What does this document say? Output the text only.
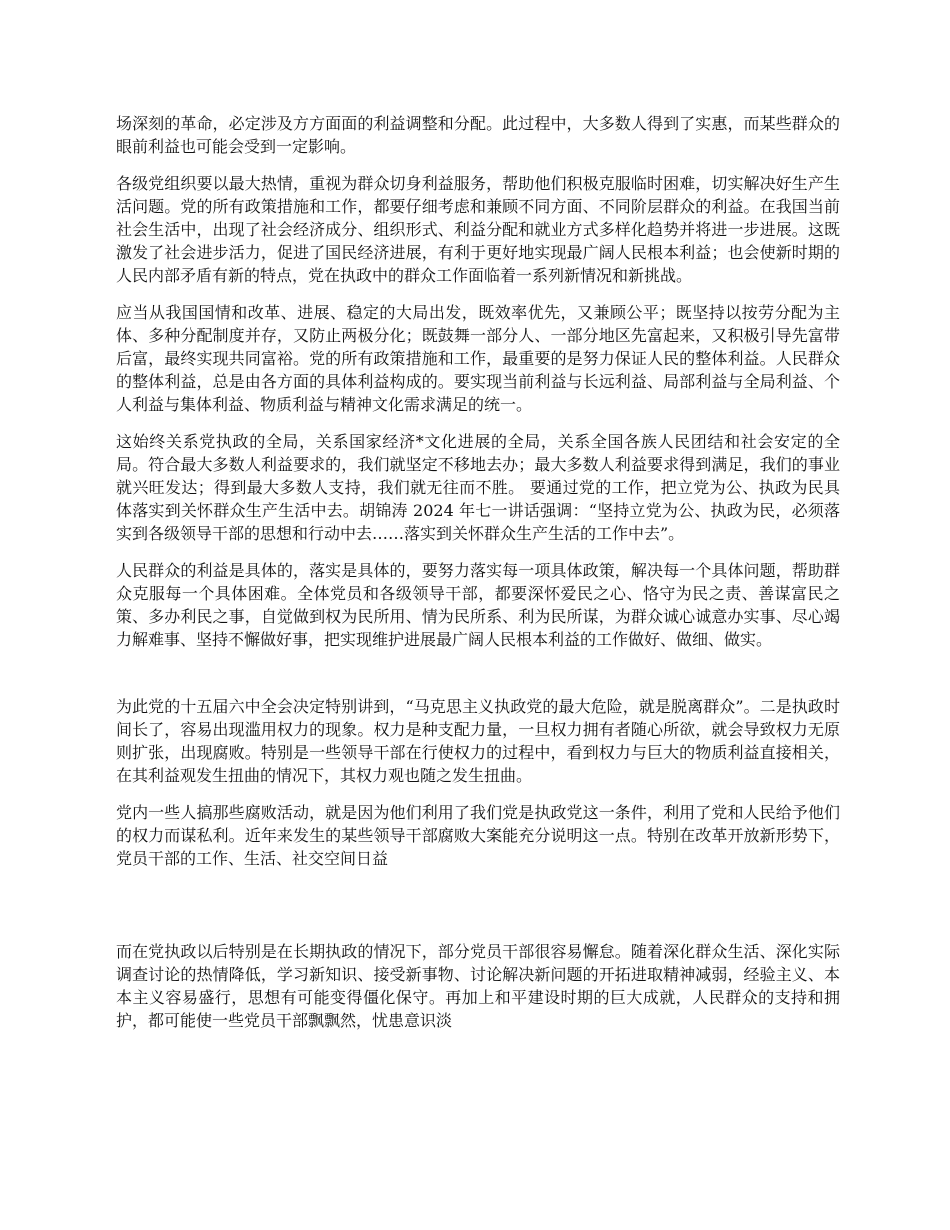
场深刻的革命，必定涉及方方面面的利益调整和分配。此过程中，大多数人得到了实惠，而某些群众的眼前利益也可能会受到一定影响。

各级党组织要以最大热情，重视为群众切身利益服务，帮助他们积极克服临时困难，切实解决好生产生活问题。党的所有政策措施和工作，都要仔细考虑和兼顾不同方面、不同阶层群众的利益。在我国当前社会生活中，出现了社会经济成分、组织形式、利益分配和就业方式多样化趋势并将进一步进展。这既激发了社会进步活力，促进了国民经济进展，有利于更好地实现最广阔人民根本利益；也会使新时期的人民内部矛盾有新的特点，党在执政中的群众工作面临着一系列新情况和新挑战。

应当从我国国情和改革、进展、稳定的大局出发，既效率优先，又兼顾公平；既坚持以按劳分配为主体、多种分配制度并存，又防止两极分化；既鼓舞一部分人、一部分地区先富起来，又积极引导先富带后富，最终实现共同富裕。党的所有政策措施和工作，最重要的是努力保证人民的整体利益。人民群众的整体利益，总是由各方面的具体利益构成的。要实现当前利益与长远利益、局部利益与全局利益、个人利益与集体利益、物质利益与精神文化需求满足的统一。

这始终关系党执政的全局，关系国家经济*文化进展的全局，关系全国各族人民团结和社会安定的全局。符合最大多数人利益要求的，我们就坚定不移地去办；最大多数人利益要求得到满足，我们的事业就兴旺发达；得到最大多数人支持，我们就无往而不胜。 要通过党的工作，把立党为公、执政为民具体落实到关怀群众生产生活中去。胡锦涛 2024 年七一讲话强调：“坚持立党为公、执政为民，必须落实到各级领导干部的思想和行动中去……落实到关怀群众生产生活的工作中去”。

人民群众的利益是具体的，落实是具体的，要努力落实每一项具体政策，解决每一个具体问题，帮助群众克服每一个具体困难。全体党员和各级领导干部，都要深怀爱民之心、恪守为民之责、善谋富民之策、多办利民之事，自觉做到权为民所用、情为民所系、利为民所谋，为群众诚心诚意办实事、尽心竭力解难事、坚持不懈做好事，把实现维护进展最广阔人民根本利益的工作做好、做细、做实。

为此党的十五届六中全会决定特别讲到，“马克思主义执政党的最大危险，就是脱离群众”。二是执政时间长了，容易出现滥用权力的现象。权力是种支配力量，一旦权力拥有者随心所欲，就会导致权力无原则扩张，出现腐败。特别是一些领导干部在行使权力的过程中，看到权力与巨大的物质利益直接相关，在其利益观发生扭曲的情况下，其权力观也随之发生扭曲。

党内一些人搞那些腐败活动，就是因为他们利用了我们党是执政党这一条件，利用了党和人民给予他们的权力而谋私利。近年来发生的某些领导干部腐败大案能充分说明这一点。特别在改革开放新形势下，党员干部的工作、生活、社交空间日益

而在党执政以后特别是在长期执政的情况下，部分党员干部很容易懈怠。随着深化群众生活、深化实际调查讨论的热情降低，学习新知识、接受新事物、讨论解决新问题的开拓进取精神减弱，经验主义、本本主义容易盛行，思想有可能变得僵化保守。再加上和平建设时期的巨大成就，人民群众的支持和拥护，都可能使一些党员干部飘飘然，忧患意识淡
